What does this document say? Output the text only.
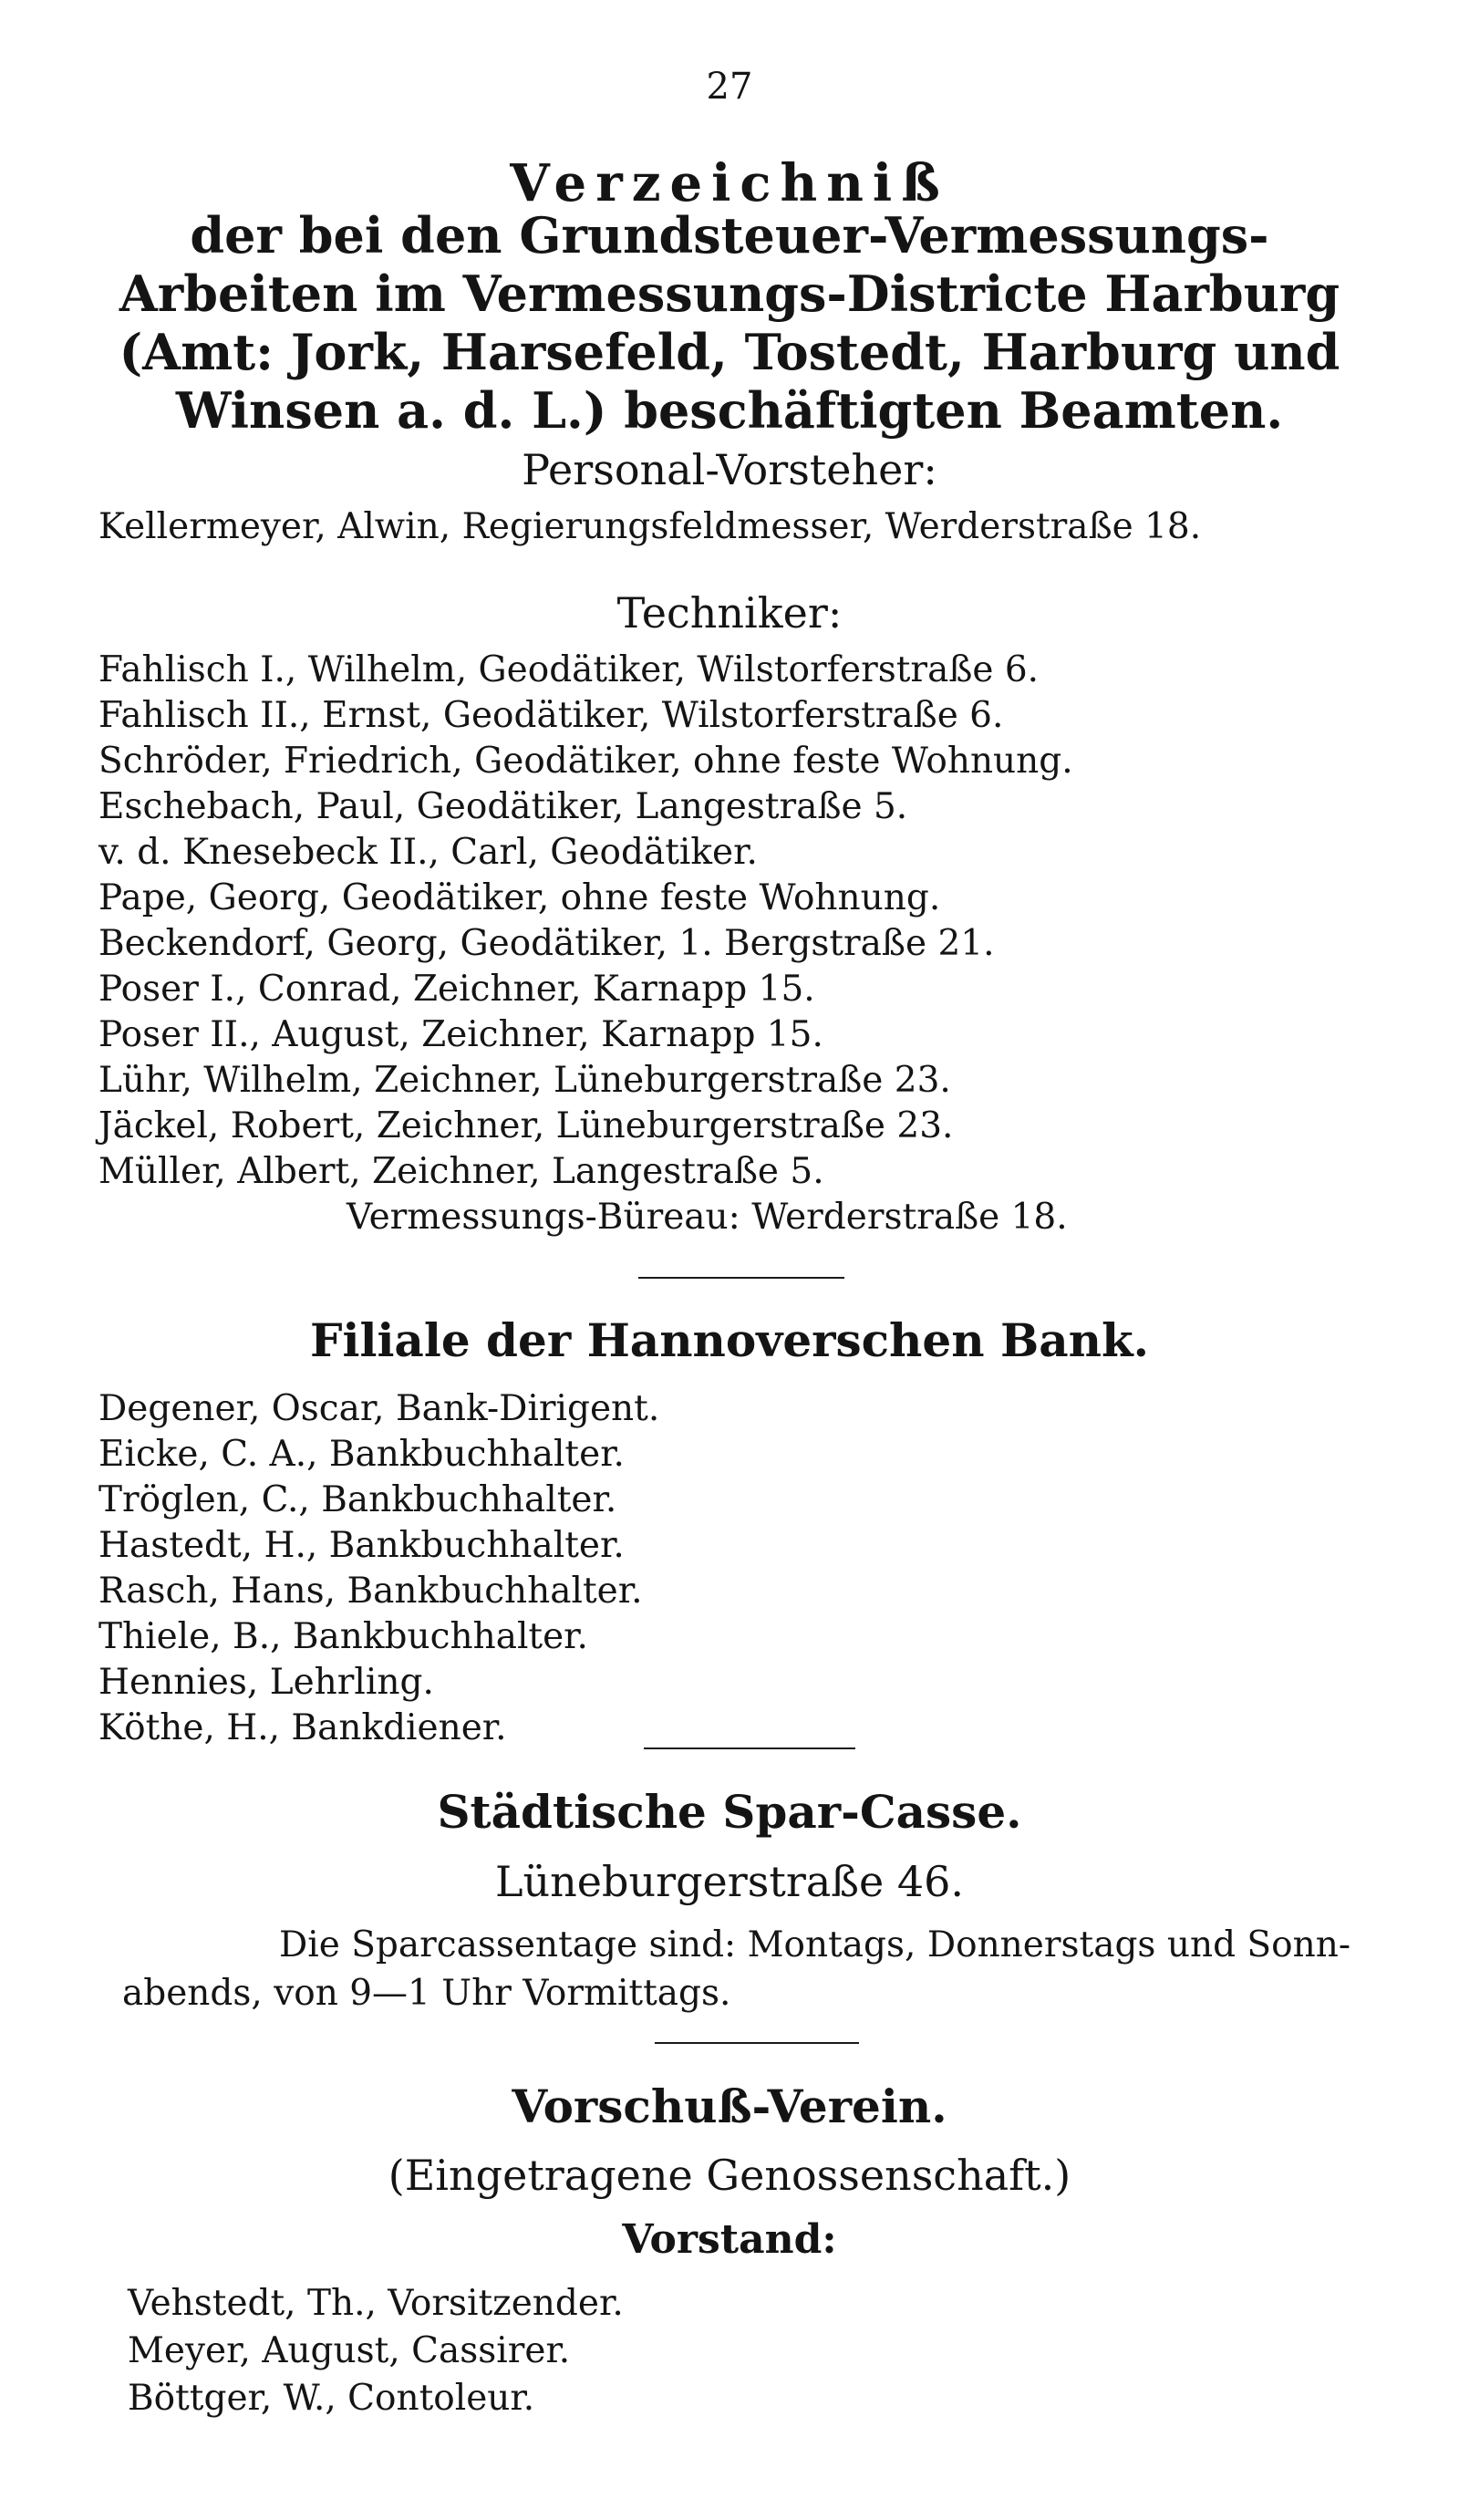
27
Verzeichniß
der bei den Grundsteuer-Vermessungs-Arbeiten im Vermessungs-Districte Harburg (Amt: Jork, Harsefeld, Tostedt, Harburg und Winsen a. d. L.) beschäftigten Beamten.
Personal-Vorsteher:
Kellermeyer, Alwin, Regierungsfeldmesser, Werderstraße 18.
Techniker:
Fahlisch I., Wilhelm, Geodätiker, Wilstorferstraße 6.
Fahlisch II., Ernst, Geodätiker, Wilstorferstraße 6.
Schröder, Friedrich, Geodätiker, ohne feste Wohnung.
Eschebach, Paul, Geodätiker, Langestraße 5.
v. d. Knesebeck II., Carl, Geodätiker.
Pape, Georg, Geodätiker, ohne feste Wohnung.
Beckendorf, Georg, Geodätiker, 1. Bergstraße 21.
Poser I., Conrad, Zeichner, Karnapp 15.
Poser II., August, Zeichner, Karnapp 15.
Lühr, Wilhelm, Zeichner, Lüneburgerstraße 23.
Jäckel, Robert, Zeichner, Lüneburgerstraße 23.
Müller, Albert, Zeichner, Langestraße 5.
Vermessungs-Büreau: Werderstraße 18.
Filiale der Hannoverschen Bank.
Degener, Oscar, Bank-Dirigent.
Eicke, C. A., Bankbuchhalter.
Tröglen, C., Bankbuchhalter.
Hastedt, H., Bankbuchhalter.
Rasch, Hans, Bankbuchhalter.
Thiele, B., Bankbuchhalter.
Hennies, Lehrling.
Köthe, H., Bankdiener.
Städtische Spar-Casse.
Lüneburgerstraße 46.
Die Sparcassentage sind: Montags, Donnerstags und Sonn-
abends, von 9—1 Uhr Vormittags.
Vorschuß-Verein.
(Eingetragene Genossenschaft.)
Vorstand:
Vehstedt, Th., Vorsitzender.
Meyer, August, Cassirer.
Böttger, W., Contoleur.
